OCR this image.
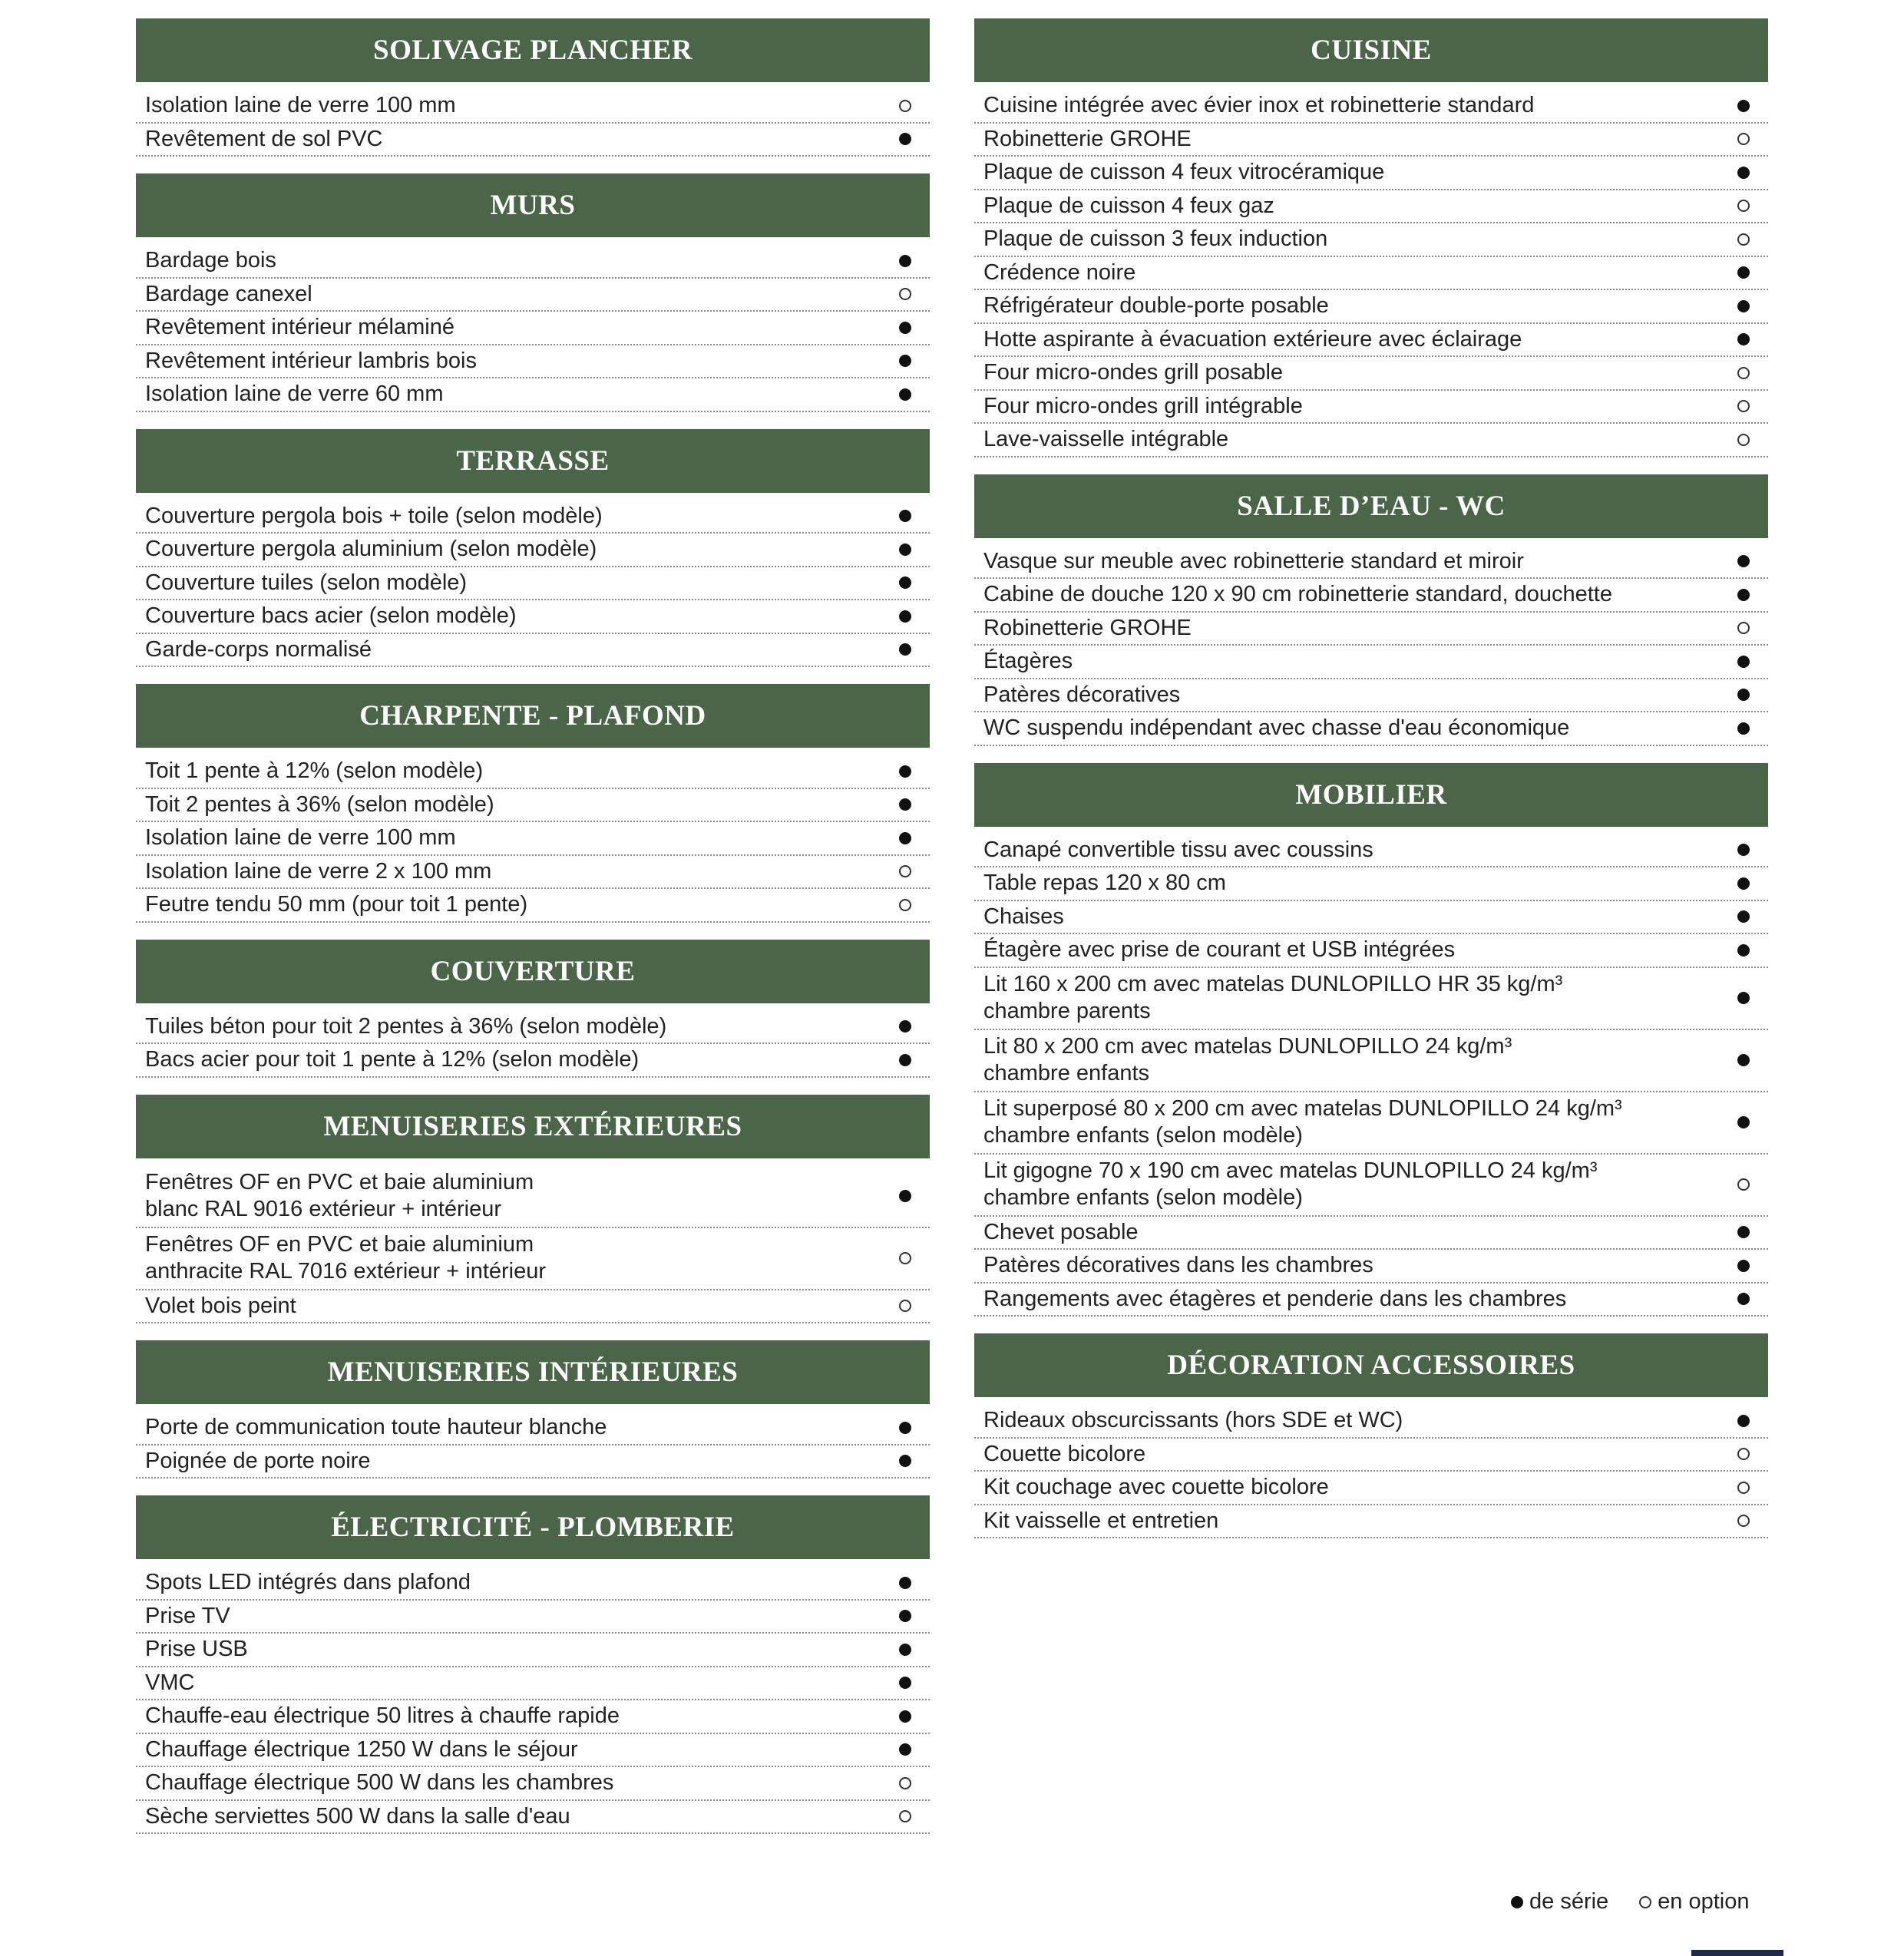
SOLIVAGE PLANCHER
Isolation laine de verre 100 mm
Revêtement de sol PVC
MURS
Bardage bois
Bardage canexel
Revêtement intérieur mélaminé
Revêtement intérieur lambris bois
Isolation laine de verre 60 mm
TERRASSE
Couverture pergola bois + toile (selon modèle)
Couverture pergola aluminium (selon modèle)
Couverture tuiles (selon modèle)
Couverture bacs acier (selon modèle)
Garde-corps normalisé
CHARPENTE - PLAFOND
Toit 1 pente à 12% (selon modèle)
Toit 2 pentes à 36% (selon modèle)
Isolation laine de verre 100 mm
Isolation laine de verre 2 x 100 mm
Feutre tendu 50 mm (pour toit 1 pente)
COUVERTURE
Tuiles béton pour toit 2 pentes à 36% (selon modèle)
Bacs acier pour toit 1 pente à 12% (selon modèle)
MENUISERIES EXTÉRIEURES
Fenêtres OF en PVC et baie aluminium
blanc RAL 9016 extérieur + intérieur
Fenêtres OF en PVC et baie aluminium
anthracite RAL 7016 extérieur + intérieur
Volet bois peint
MENUISERIES INTÉRIEURES
Porte de communication toute hauteur blanche
Poignée de porte noire
ÉLECTRICITÉ - PLOMBERIE
Spots LED intégrés dans plafond
Prise TV
Prise USB
VMC
Chauffe-eau électrique 50 litres à chauffe rapide
Chauffage électrique 1250 W dans le séjour
Chauffage électrique 500 W dans les chambres
Sèche serviettes 500 W dans la salle d'eau
CUISINE
Cuisine intégrée avec évier inox et robinetterie standard
Robinetterie GROHE
Plaque de cuisson 4 feux vitrocéramique
Plaque de cuisson 4 feux gaz
Plaque de cuisson 3 feux induction
Crédence noire
Réfrigérateur double-porte posable
Hotte aspirante à évacuation extérieure avec éclairage
Four micro-ondes grill posable
Four micro-ondes grill intégrable
Lave-vaisselle intégrable
SALLE D’EAU - WC
Vasque sur meuble avec robinetterie standard et miroir
Cabine de douche 120 x 90 cm robinetterie standard, douchette
Robinetterie GROHE
Étagères
Patères décoratives
WC suspendu indépendant avec chasse d'eau économique
MOBILIER
Canapé convertible tissu avec coussins
Table repas 120 x 80 cm
Chaises
Étagère avec prise de courant et USB intégrées
Lit 160 x 200 cm avec matelas DUNLOPILLO HR 35 kg/m³
chambre parents
Lit 80 x 200 cm avec matelas DUNLOPILLO 24 kg/m³
chambre enfants
Lit superposé 80 x 200 cm avec matelas DUNLOPILLO 24 kg/m³
chambre enfants (selon modèle)
Lit gigogne 70 x 190 cm avec matelas DUNLOPILLO 24 kg/m³
chambre enfants (selon modèle)
Chevet posable
Patères décoratives dans les chambres
Rangements avec étagères et penderie dans les chambres
DÉCORATION ACCESSOIRES
Rideaux obscurcissants (hors SDE et WC)
Couette bicolore
Kit couchage avec couette bicolore
Kit vaisselle et entretien
de série en option
